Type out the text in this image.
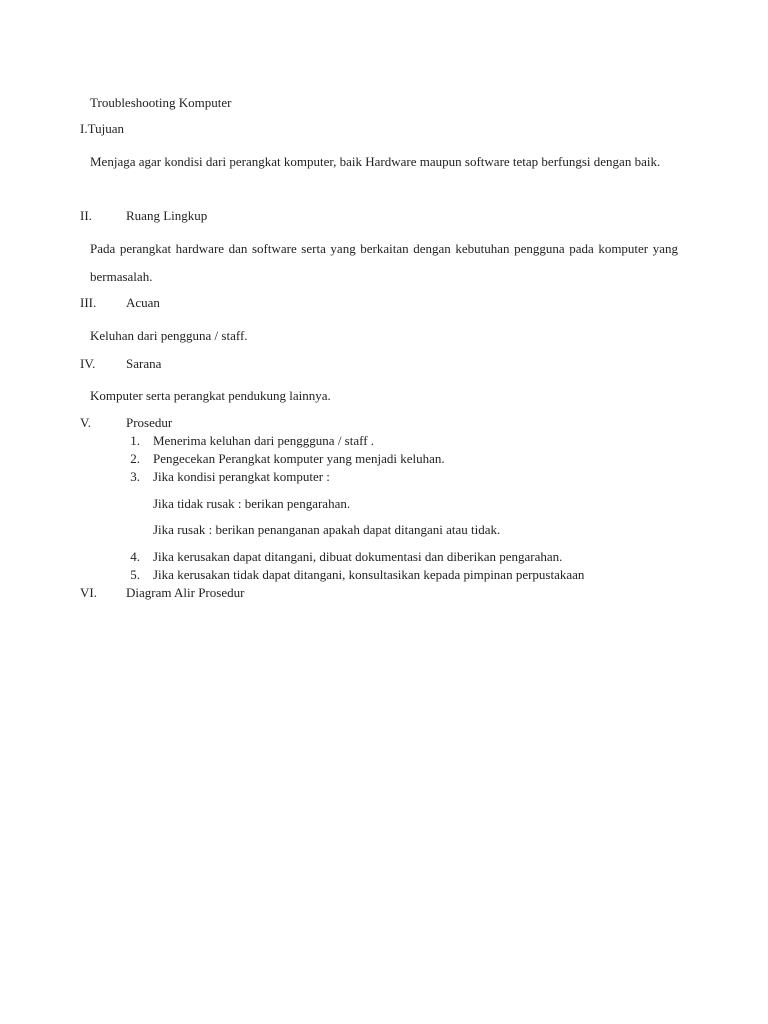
Troubleshooting Komputer
I.Tujuan
Menjaga agar kondisi dari perangkat komputer, baik Hardware maupun software tetap berfungsi dengan baik.
II.	Ruang Lingkup
Pada perangkat hardware dan software serta yang berkaitan dengan kebutuhan pengguna pada komputer yang bermasalah.
III. Acuan
Keluhan dari pengguna / staff.
IV. Sarana
Komputer serta perangkat pendukung lainnya.
V.	Prosedur
1. Menerima keluhan dari penggguna / staff .
2. Pengecekan Perangkat komputer yang menjadi keluhan.
3. Jika kondisi perangkat komputer :
Jika tidak rusak : berikan pengarahan.
Jika rusak : berikan penanganan apakah dapat ditangani atau tidak.
4. Jika kerusakan dapat ditangani, dibuat dokumentasi dan diberikan pengarahan.
5. Jika kerusakan tidak dapat ditangani, konsultasikan kepada pimpinan perpustakaan
VI. Diagram Alir Prosedur
